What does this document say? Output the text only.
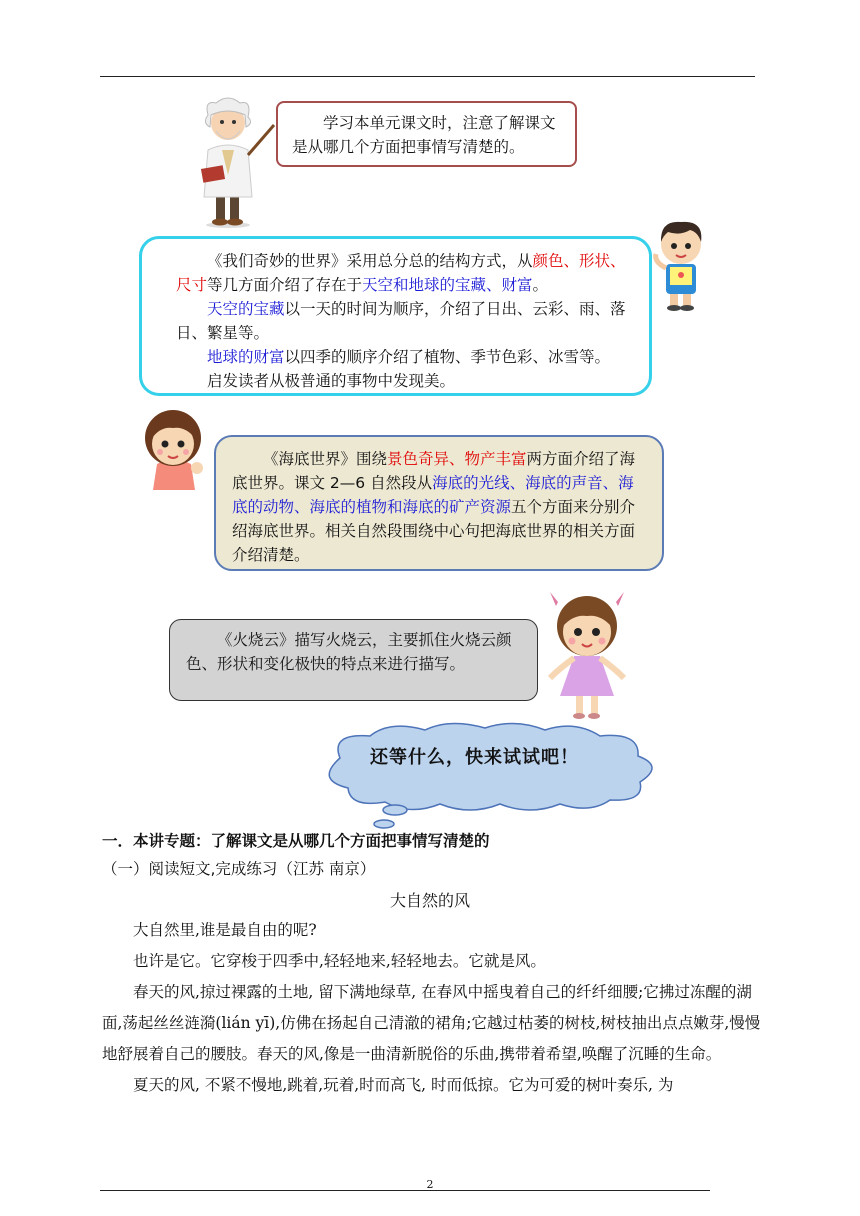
学习本单元课文时，注意了解课文是从哪几个方面把事情写清楚的。

《我们奇妙的世界》采用总分总的结构方式，从颜色、形状、尺寸等几方面介绍了存在于天空和地球的宝藏、财富。

天空的宝藏以一天的时间为顺序，介绍了日出、云彩、雨、落日、繁星等。

地球的财富以四季的顺序介绍了植物、季节色彩、冰雪等。

启发读者从极普通的事物中发现美。

《海底世界》围绕景色奇异、物产丰富两方面介绍了海底世界。课文 2—6 自然段从海底的光线、海底的声音、海底的动物、海底的植物和海底的矿产资源五个方面来分别介绍海底世界。相关自然段围绕中心句把海底世界的相关方面介绍清楚。

《火烧云》描写火烧云，主要抓住火烧云颜色、形状和变化极快的特点来进行描写。
还等什么，快来试试吧！
一．本讲专题：了解课文是从哪几个方面把事情写清楚的
（一）阅读短文,完成练习（江苏 南京）
大自然的风

大自然里,谁是最自由的呢?

也许是它。它穿梭于四季中,轻轻地来,轻轻地去。它就是风。

春天的风,掠过裸露的土地, 留下满地绿草, 在春风中摇曳着自己的纤纤细腰;它拂过冻醒的湖面,荡起丝丝涟漪(lián yī),仿佛在扬起自己清澈的裙角;它越过枯萎的树枝,树枝抽出点点嫩芽,慢慢地舒展着自己的腰肢。春天的风,像是一曲清新脱俗的乐曲,携带着希望,唤醒了沉睡的生命。

夏天的风, 不紧不慢地,跳着,玩着,时而高飞, 时而低掠。它为可爱的树叶奏乐, 为

2
